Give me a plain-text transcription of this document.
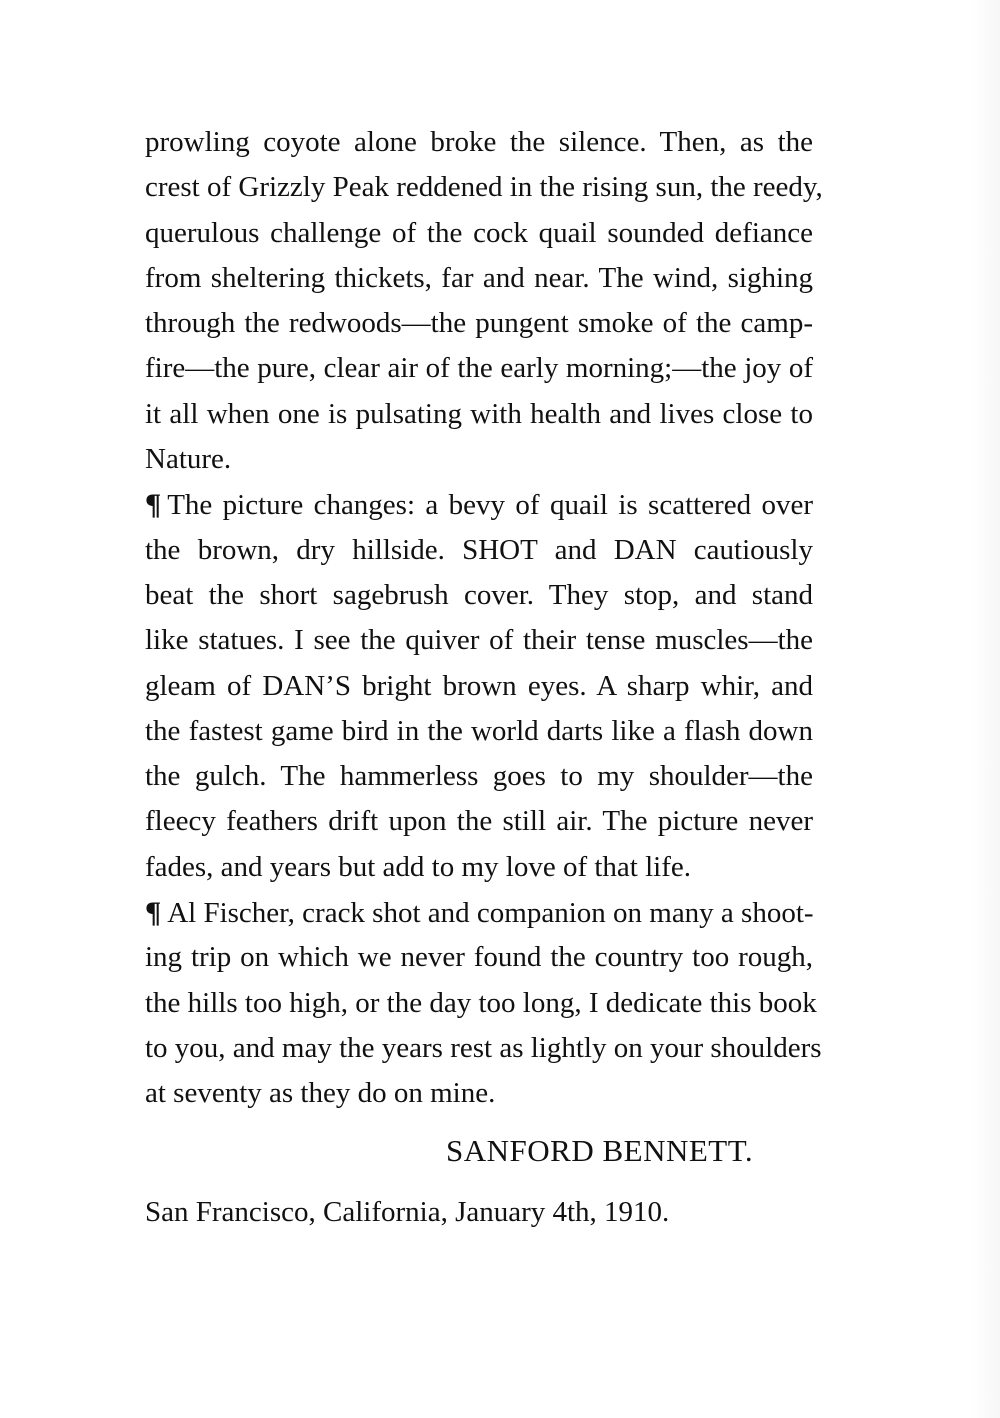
prowling coyote alone broke the silence. Then, as the
crest of Grizzly Peak reddened in the rising sun, the reedy,
querulous challenge of the cock quail sounded defiance
from sheltering thickets, far and near. The wind, sighing
through the redwoods—the pungent smoke of the camp-
fire—the pure, clear air of the early morning;—the joy of
it all when one is pulsating with health and lives close to
Nature.
¶ The picture changes: a bevy of quail is scattered over
the brown, dry hillside. SHOT and DAN cautiously
beat the short sagebrush cover. They stop, and stand
like statues. I see the quiver of their tense muscles—the
gleam of DAN’S bright brown eyes. A sharp whir, and
the fastest game bird in the world darts like a flash down
the gulch. The hammerless goes to my shoulder—the
fleecy feathers drift upon the still air. The picture never
fades, and years but add to my love of that life.
¶ Al Fischer, crack shot and companion on many a shoot-
ing trip on which we never found the country too rough,
the hills too high, or the day too long, I dedicate this book
to you, and may the years rest as lightly on your shoulders
at seventy as they do on mine.
SANFORD BENNETT.
San Francisco, California, January 4th, 1910.
